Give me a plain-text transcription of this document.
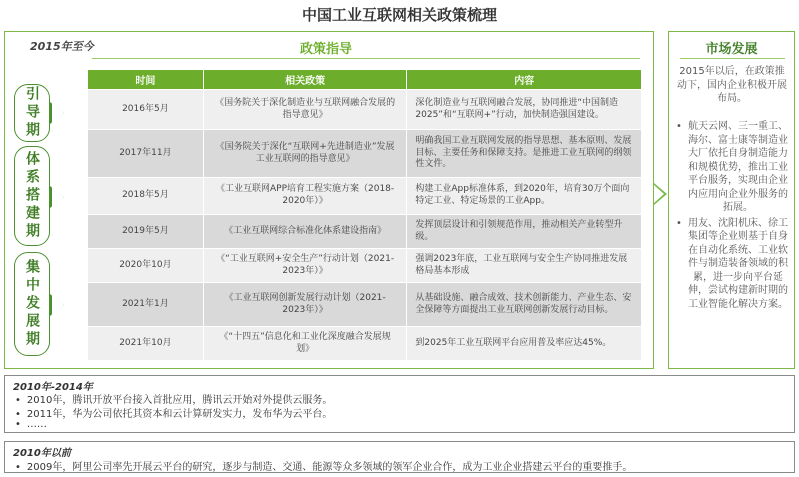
中国工业互联网相关政策梳理
2015年至今	政策指导
引导期
体系搭建期
集中发展期
时间	相关政策	内容
2016年5月	《国务院关于深化制造业与互联网融合发展的指导意见》	深化制造业与互联网融合发展，协同推进“中国制造2025”和“互联网+”行动，加快制造强国建设。
2017年11月	《国务院关于深化“互联网+先进制造业”发展工业互联网的指导意见》	明确我国工业互联网发展的指导思想、基本原则、发展目标、主要任务和保障支持。是推进工业互联网的纲领性文件。
2018年5月	《工业互联网APP培育工程实施方案（2018-2020年）》	构建工业App标准体系，到2020年，培育30万个面向特定工业、特定场景的工业App。
2019年5月	《工业互联网综合标准化体系建设指南》	发挥顶层设计和引领规范作用，推动相关产业转型升级。
2020年10月	《“工业互联网+安全生产”行动计划（2021-2023年）》	强调2023年底，工业互联网与安全生产协同推进发展格局基本形成
2021年1月	《工业互联网创新发展行动计划（2021-2023年）》	从基础设施、融合成效、技术创新能力、产业生态、安全保障等方面提出工业互联网创新发展行动目标。
2021年10月	《“十四五”信息化和工业化深度融合发展规划》	到2025年工业互联网平台应用普及率应达45%。
市场发展
2015年以后，在政策推动下，国内企业积极开展布局。
• 航天云网、三一重工、海尔、富士康等制造业大厂依托自身制造能力和规模优势，推出工业平台服务，实现由企业内应用向企业外服务的拓展。
• 用友、沈阳机床、徐工集团等企业则基于自身在自动化系统、工业软件与制造装备领域的积累，进一步向平台延伸，尝试构建新时期的工业智能化解决方案。
2010年-2014年
• 2010年，腾讯开放平台接入首批应用，腾讯云开始对外提供云服务。
• 2011年，华为公司依托其资本和云计算研发实力，发布华为云平台。
• ……
2010年以前
• 2009年，阿里公司率先开展云平台的研究，逐步与制造、交通、能源等众多领域的领军企业合作，成为工业企业搭建云平台的重要推手。
